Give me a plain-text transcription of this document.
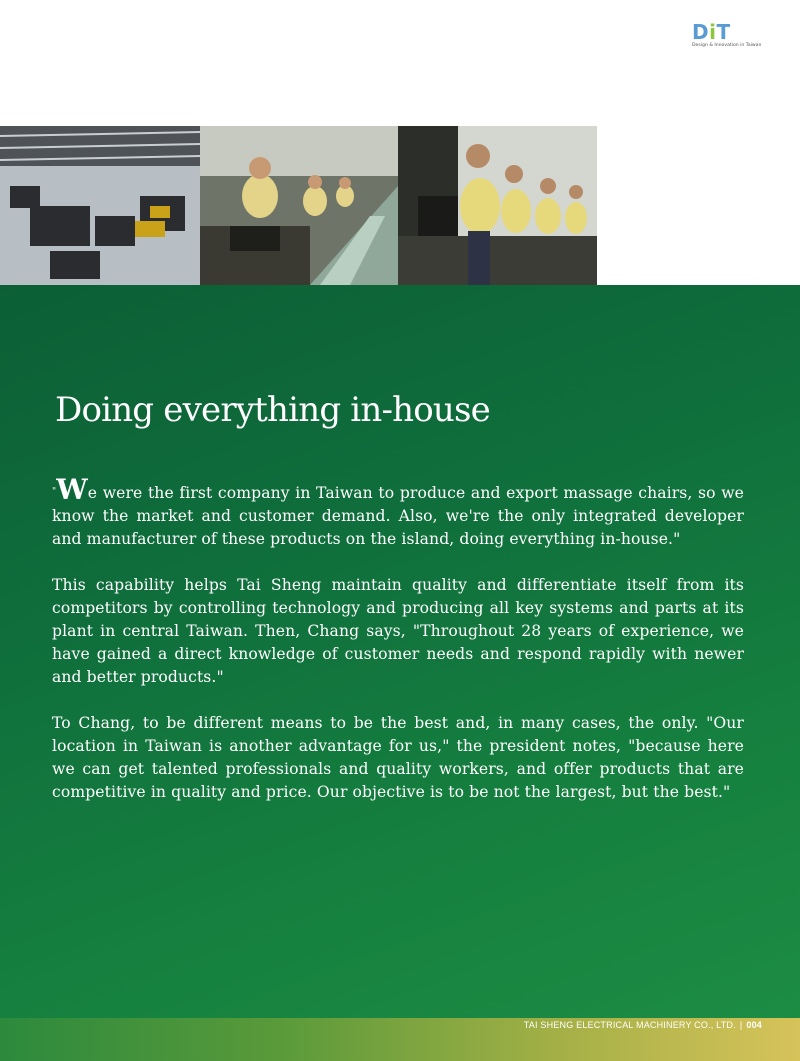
DiT
Design & Innovation in Taiwan
Doing everything in-house

"We were the first company in Taiwan to produce and export massage chairs, so we know the market and customer demand. Also, we're the only integrated developer and manufacturer of these products on the island, doing everything in-house."

This capability helps Tai Sheng maintain quality and differentiate itself from its competitors by controlling technology and producing all key systems and parts at its plant in central Taiwan. Then, Chang says, "Throughout 28 years of experience, we have gained a direct knowledge of customer needs and respond rapidly with newer and better products."

To Chang, to be different means to be the best and, in many cases, the only. "Our location in Taiwan is another advantage for us," the president notes, "because here we can get talented professionals and quality workers, and offer products that are competitive in quality and price. Our objective is to be not the largest, but the best."

TAI SHENG ELECTRICAL MACHINERY CO., LTD. | 004
